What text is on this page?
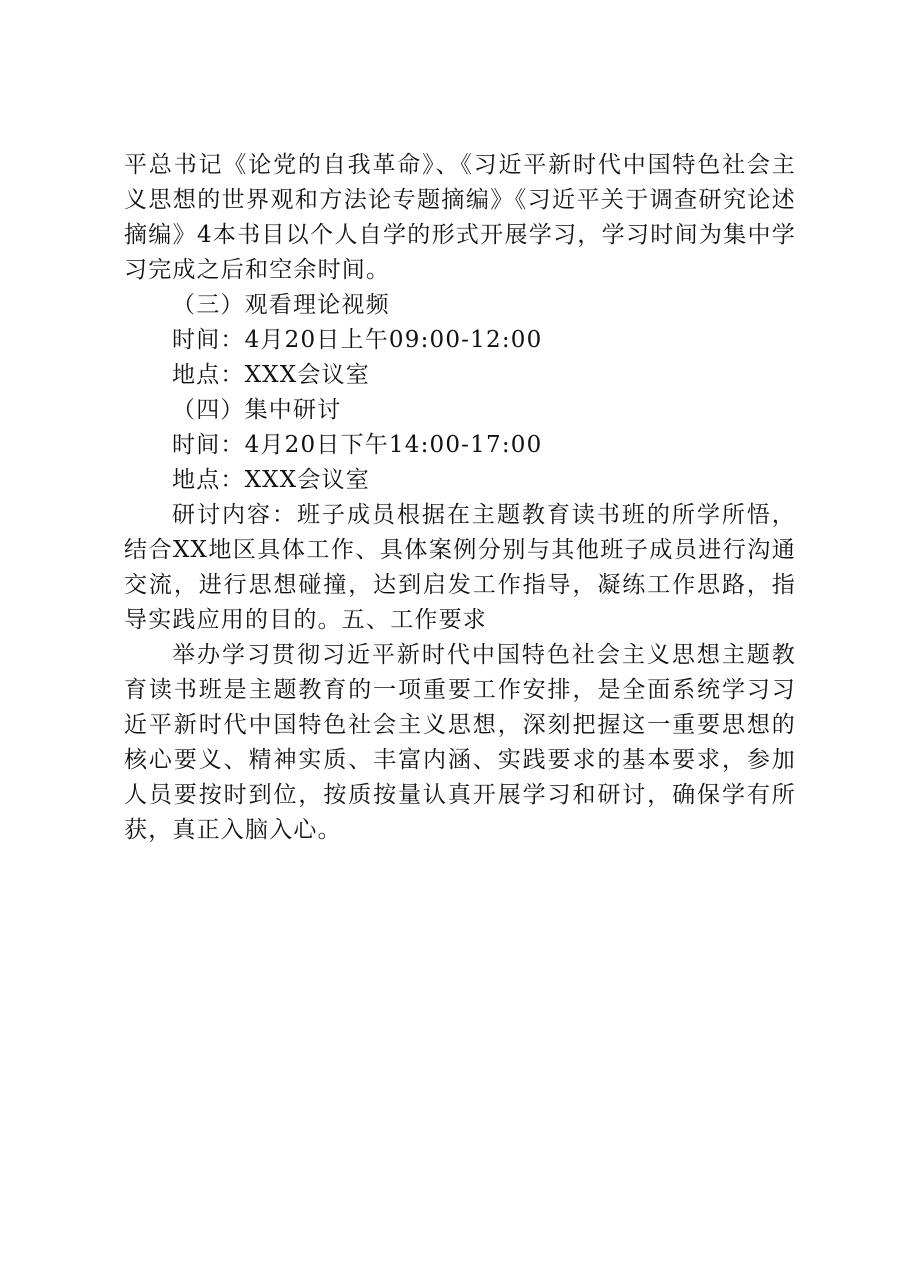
平总书记《论党的自我革命》、《习近平新时代中国特色社会主义思想的世界观和方法论专题摘编》《习近平关于调查研究论述摘编》4本书目以个人自学的形式开展学习，学习时间为集中学习完成之后和空余时间。

（三）观看理论视频

时间：4月20日上午09:00-12:00

地点：XXX会议室

（四）集中研讨

时间：4月20日下午14:00-17:00

地点：XXX会议室

研讨内容：班子成员根据在主题教育读书班的所学所悟，结合XX地区具体工作、具体案例分别与其他班子成员进行沟通交流，进行思想碰撞，达到启发工作指导，凝练工作思路，指导实践应用的目的。五、工作要求

举办学习贯彻习近平新时代中国特色社会主义思想主题教育读书班是主题教育的一项重要工作安排，是全面系统学习习近平新时代中国特色社会主义思想，深刻把握这一重要思想的核心要义、精神实质、丰富内涵、实践要求的基本要求，参加人员要按时到位，按质按量认真开展学习和研讨，确保学有所获，真正入脑入心。
